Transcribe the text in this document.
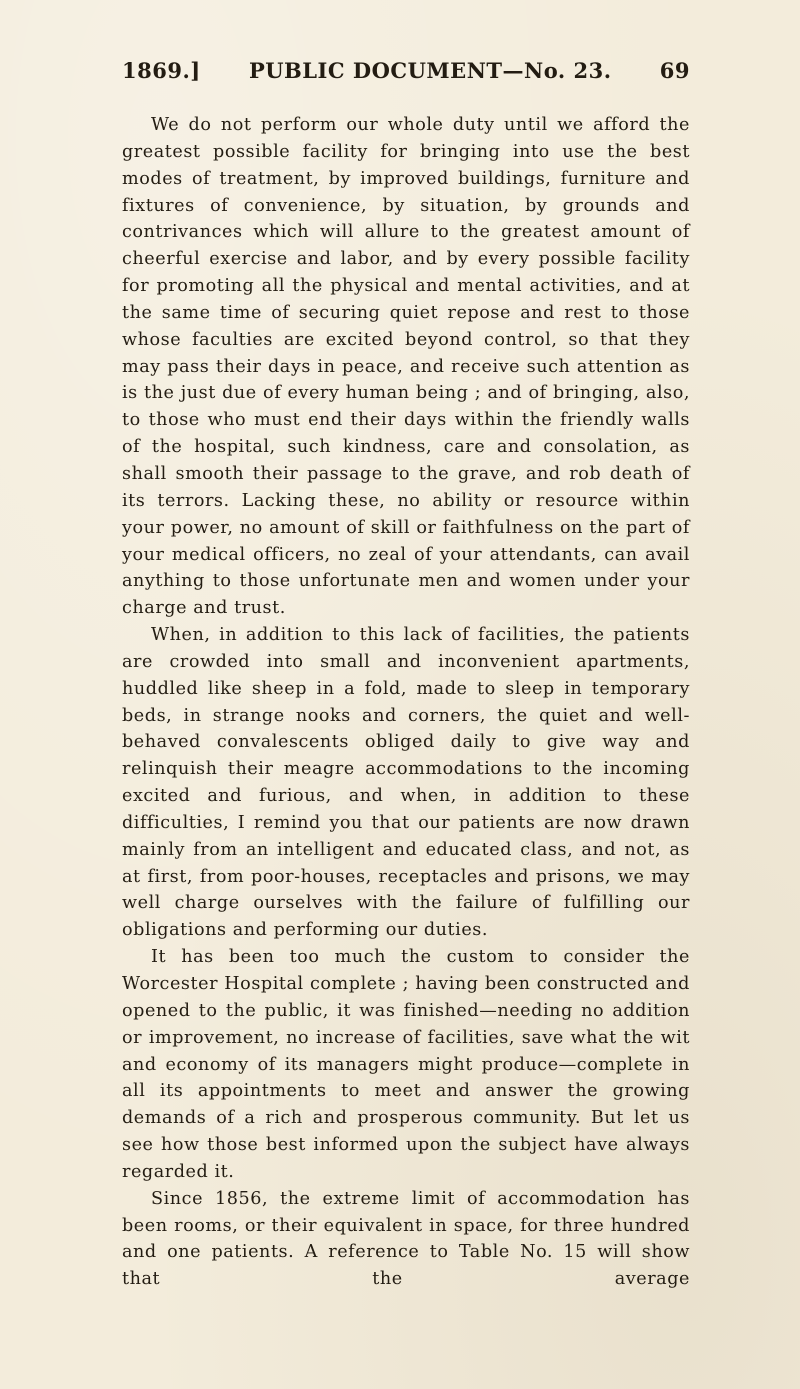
1869.] PUBLIC DOCUMENT—No. 23. 69

We do not perform our whole duty until we afford the greatest possible facility for bringing into use the best modes of treatment, by improved buildings, furniture and fixtures of convenience, by situation, by grounds and contrivances which will allure to the greatest amount of cheerful exercise and labor, and by every possible facility for promoting all the physical and mental activities, and at the same time of securing quiet repose and rest to those whose faculties are excited beyond control, so that they may pass their days in peace, and receive such attention as is the just due of every human being ; and of bringing, also, to those who must end their days within the friendly walls of the hospital, such kindness, care and consolation, as shall smooth their passage to the grave, and rob death of its terrors. Lacking these, no ability or resource within your power, no amount of skill or faithfulness on the part of your medical officers, no zeal of your attendants, can avail anything to those unfortunate men and women under your charge and trust.

When, in addition to this lack of facilities, the patients are crowded into small and inconvenient apartments, huddled like sheep in a fold, made to sleep in temporary beds, in strange nooks and corners, the quiet and well-behaved convalescents obliged daily to give way and relinquish their meagre accommodations to the incoming excited and furious, and when, in addition to these difficulties, I remind you that our patients are now drawn mainly from an intelligent and educated class, and not, as at first, from poor-houses, receptacles and prisons, we may well charge ourselves with the failure of fulfilling our obligations and performing our duties.

It has been too much the custom to consider the Worcester Hospital complete ; having been constructed and opened to the public, it was finished—needing no addition or improvement, no increase of facilities, save what the wit and economy of its managers might produce—complete in all its appointments to meet and answer the growing demands of a rich and prosperous community. But let us see how those best informed upon the subject have always regarded it.

Since 1856, the extreme limit of accommodation has been rooms, or their equivalent in space, for three hundred and one patients. A reference to Table No. 15 will show that the average
